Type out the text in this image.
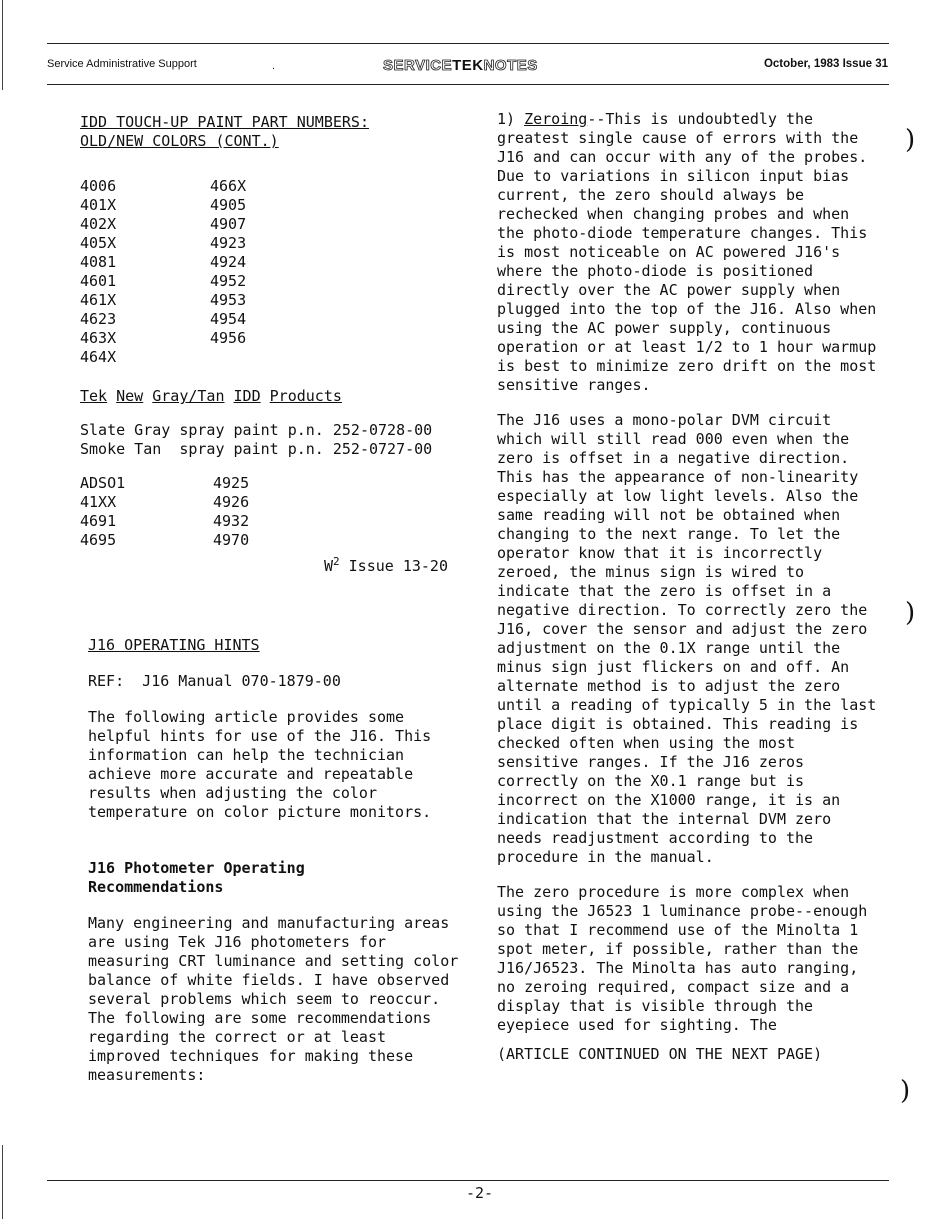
Service Administrative Support	.	SERVICETEKNOTES	October, 1983 Issue 31

IDD TOUCH-UP PAINT PART NUMBERS:

OLD/NEW COLORS (CONT.)

4006	466X
401X	4905
402X	4907
405X	4923
4081	4924
4601	4952
461X	4953
4623	4954
463X	4956
464X

Tek New Gray/Tan IDD Products

Slate Gray spray paint p.n. 252-0728-00

Smoke Tan  spray paint p.n. 252-0727-00

ADSO1	4925
41XX	4926
4691	4932
4695	4970

$W^2$ Issue 13-20

J16 OPERATING HINTS

REF:  J16 Manual 070-1879-00

The following article provides some helpful hints for use of the J16. This information can help the technician achieve more accurate and repeatable results when adjusting the color temperature on color picture monitors.

J16 Photometer Operating

Recommendations

Many engineering and manufacturing areas are using Tek J16 photometers for measuring CRT luminance and setting color balance of white fields. I have observed several problems which seem to reoccur. The following are some recommendations regarding the correct or at least improved techniques for making these measurements:

1) Zeroing--This is undoubtedly the greatest single cause of errors with the J16 and can occur with any of the probes. Due to variations in silicon input bias current, the zero should always be rechecked when changing probes and when the photo-diode temperature changes. This is most noticeable on AC powered J16's where the photo-diode is positioned directly over the AC power supply when plugged into the top of the J16. Also when using the AC power supply, continuous operation or at least 1/2 to 1 hour warmup is best to minimize zero drift on the most sensitive ranges.

The J16 uses a mono-polar DVM circuit which will still read 000 even when the zero is offset in a negative direction. This has the appearance of non-linearity especially at low light levels. Also the same reading will not be obtained when changing to the next range. To let the operator know that it is incorrectly zeroed, the minus sign is wired to indicate that the zero is offset in a negative direction. To correctly zero the J16, cover the sensor and adjust the zero adjustment on the 0.1X range until the minus sign just flickers on and off. An alternate method is to adjust the zero until a reading of typically 5 in the last place digit is obtained. This reading is checked often when using the most sensitive ranges. If the J16 zeros correctly on the X0.1 range but is incorrect on the X1000 range, it is an indication that the internal DVM zero needs readjustment according to the procedure in the manual.

The zero procedure is more complex when using the J6523 1 luminance probe--enough so that I recommend use of the Minolta 1 spot meter, if possible, rather than the J16/J6523. The Minolta has auto ranging, no zeroing required, compact size and a display that is visible through the eyepiece used for sighting. The

(ARTICLE CONTINUED ON THE NEXT PAGE)

)
)
)
-2-
